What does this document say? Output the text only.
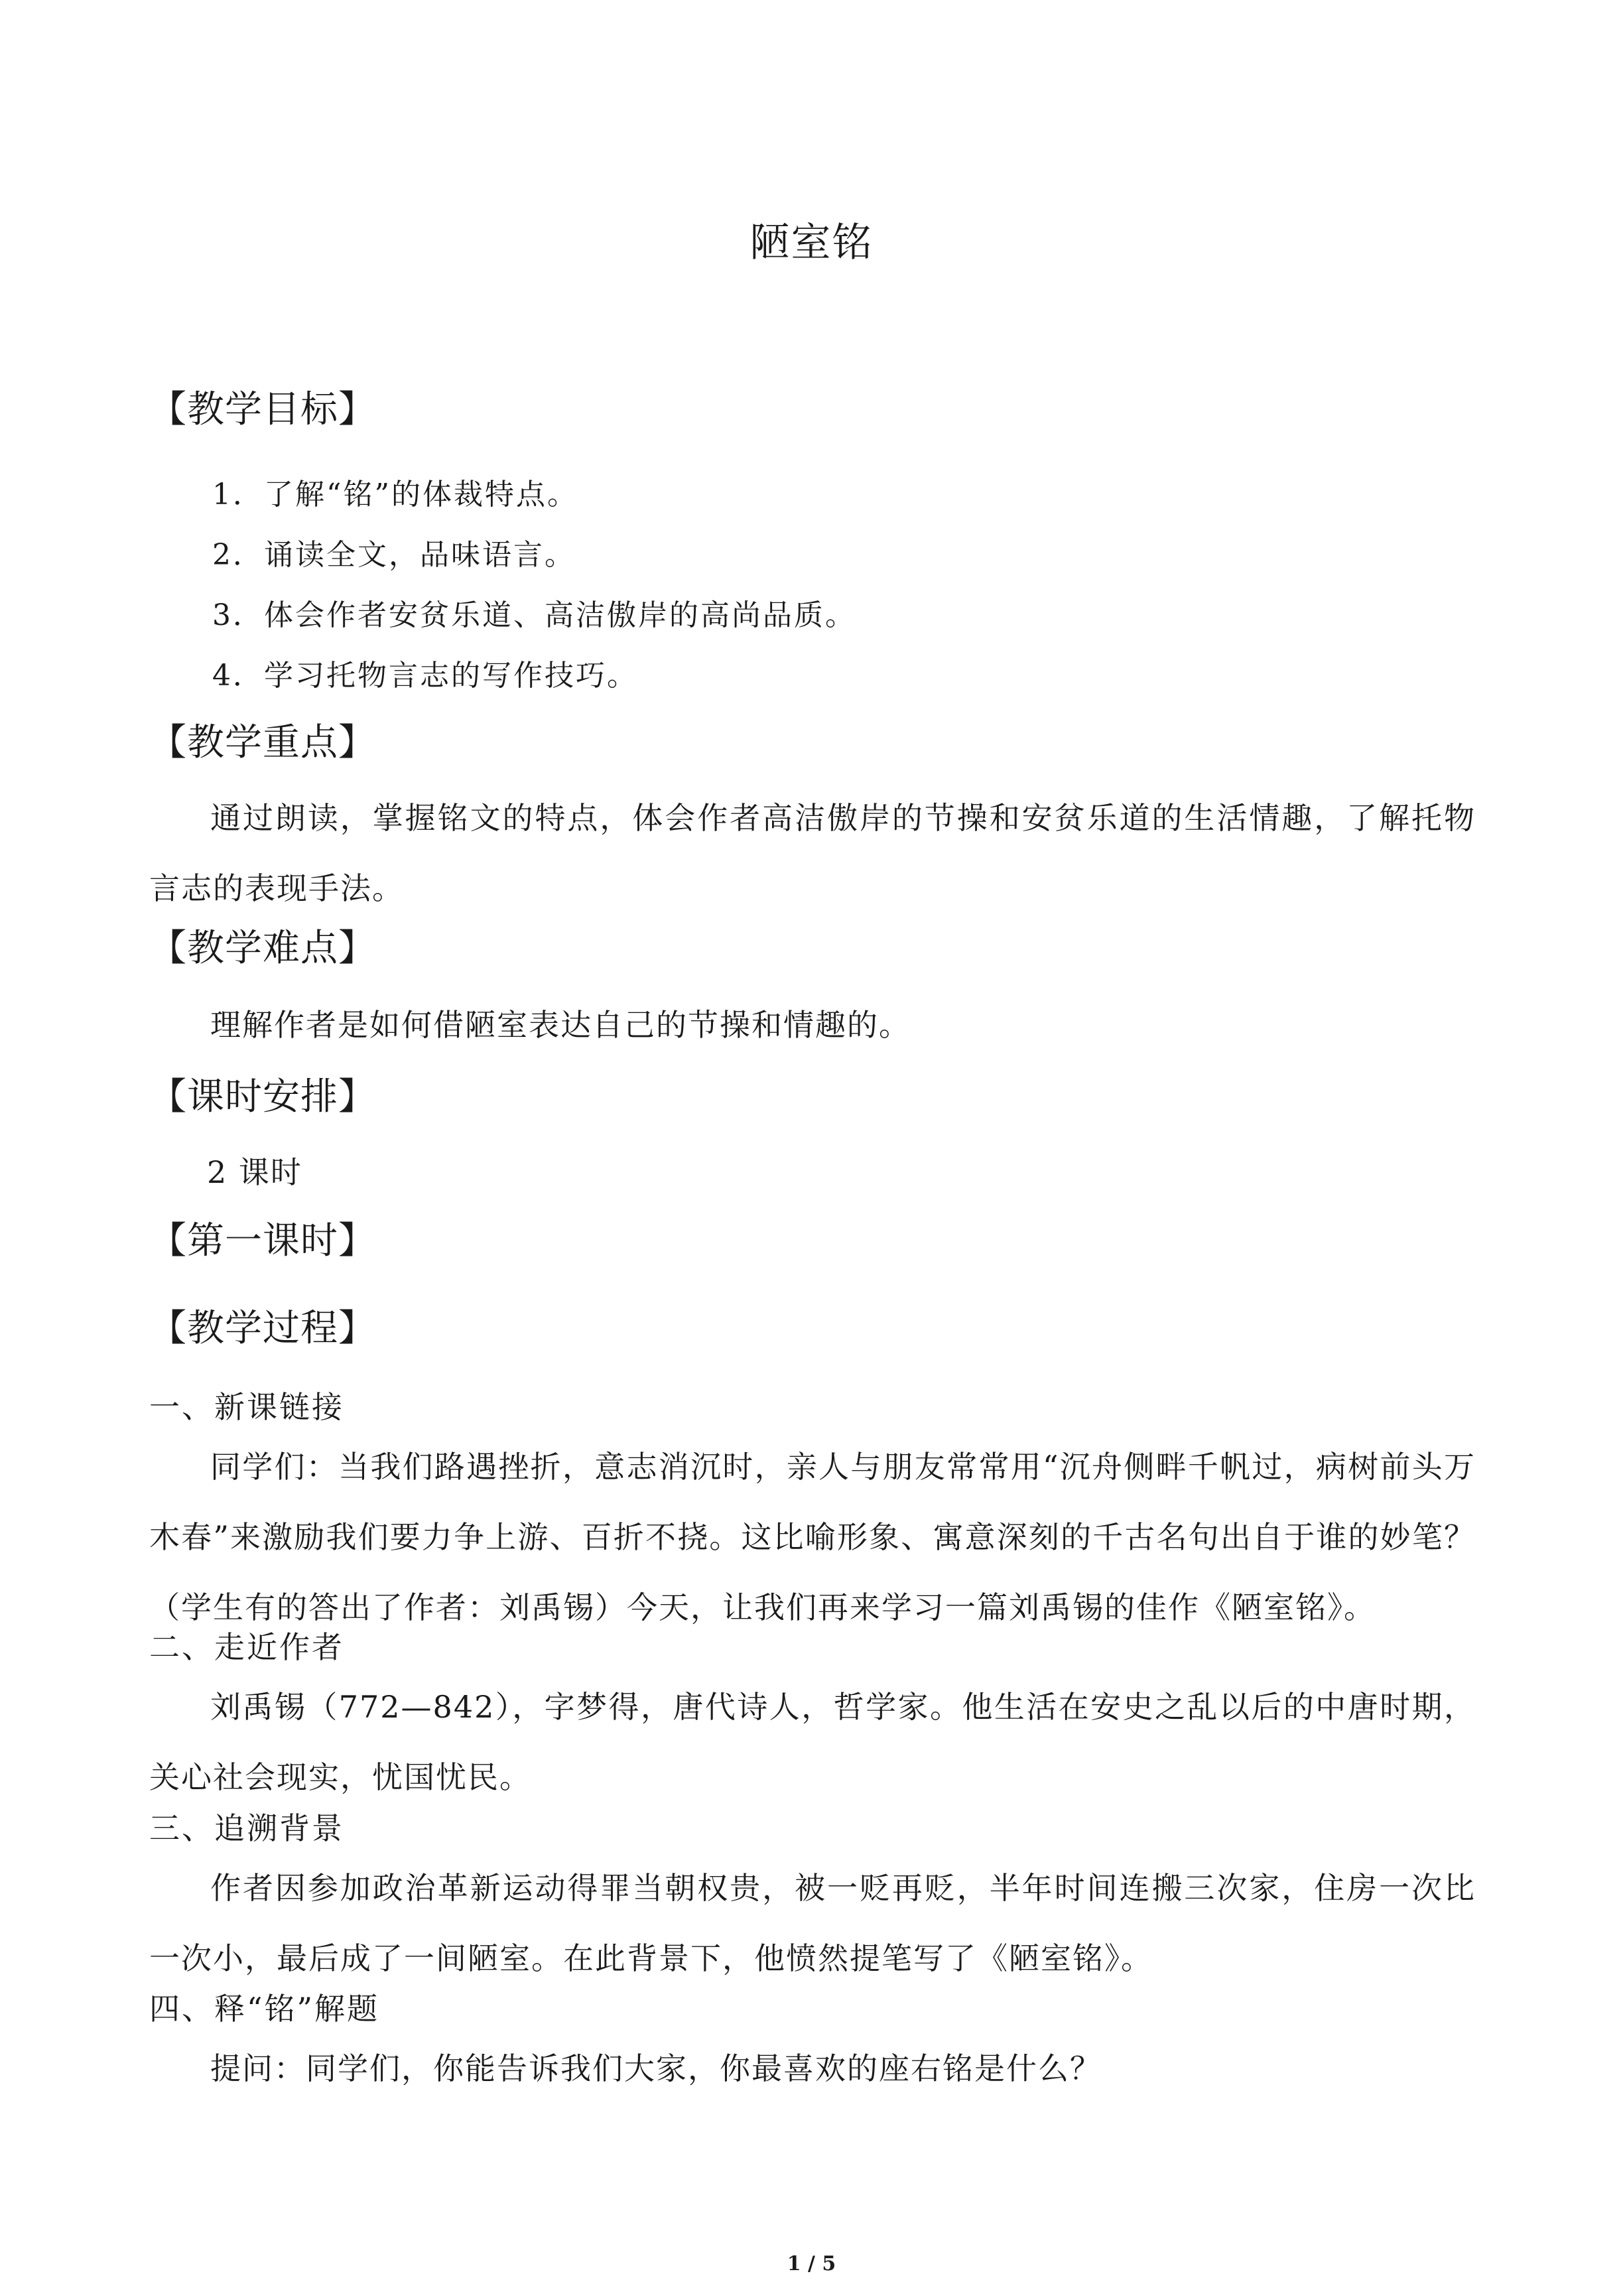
陋室铭
【教学目标】
1．了解“铭”的体裁特点。
2．诵读全文，品味语言。
3．体会作者安贫乐道、高洁傲岸的高尚品质。
4．学习托物言志的写作技巧。
【教学重点】
通过朗读，掌握铭文的特点，体会作者高洁傲岸的节操和安贫乐道的生活情趣，了解托物言志的表现手法。
【教学难点】
理解作者是如何借陋室表达自己的节操和情趣的。
【课时安排】
2 课时
【第一课时】
【教学过程】
一、新课链接
同学们：当我们路遇挫折，意志消沉时，亲人与朋友常常用“沉舟侧畔千帆过，病树前头万木春”来激励我们要力争上游、百折不挠。这比喻形象、寓意深刻的千古名句出自于谁的妙笔？（学生有的答出了作者：刘禹锡）今天，让我们再来学习一篇刘禹锡的佳作《陋室铭》。
二、走近作者
刘禹锡（772—842），字梦得，唐代诗人，哲学家。他生活在安史之乱以后的中唐时期，关心社会现实，忧国忧民。
三、追溯背景
作者因参加政治革新运动得罪当朝权贵，被一贬再贬，半年时间连搬三次家，住房一次比一次小，最后成了一间陋室。在此背景下，他愤然提笔写了《陋室铭》。
四、释“铭”解题
提问：同学们，你能告诉我们大家，你最喜欢的座右铭是什么？
1 / 5
